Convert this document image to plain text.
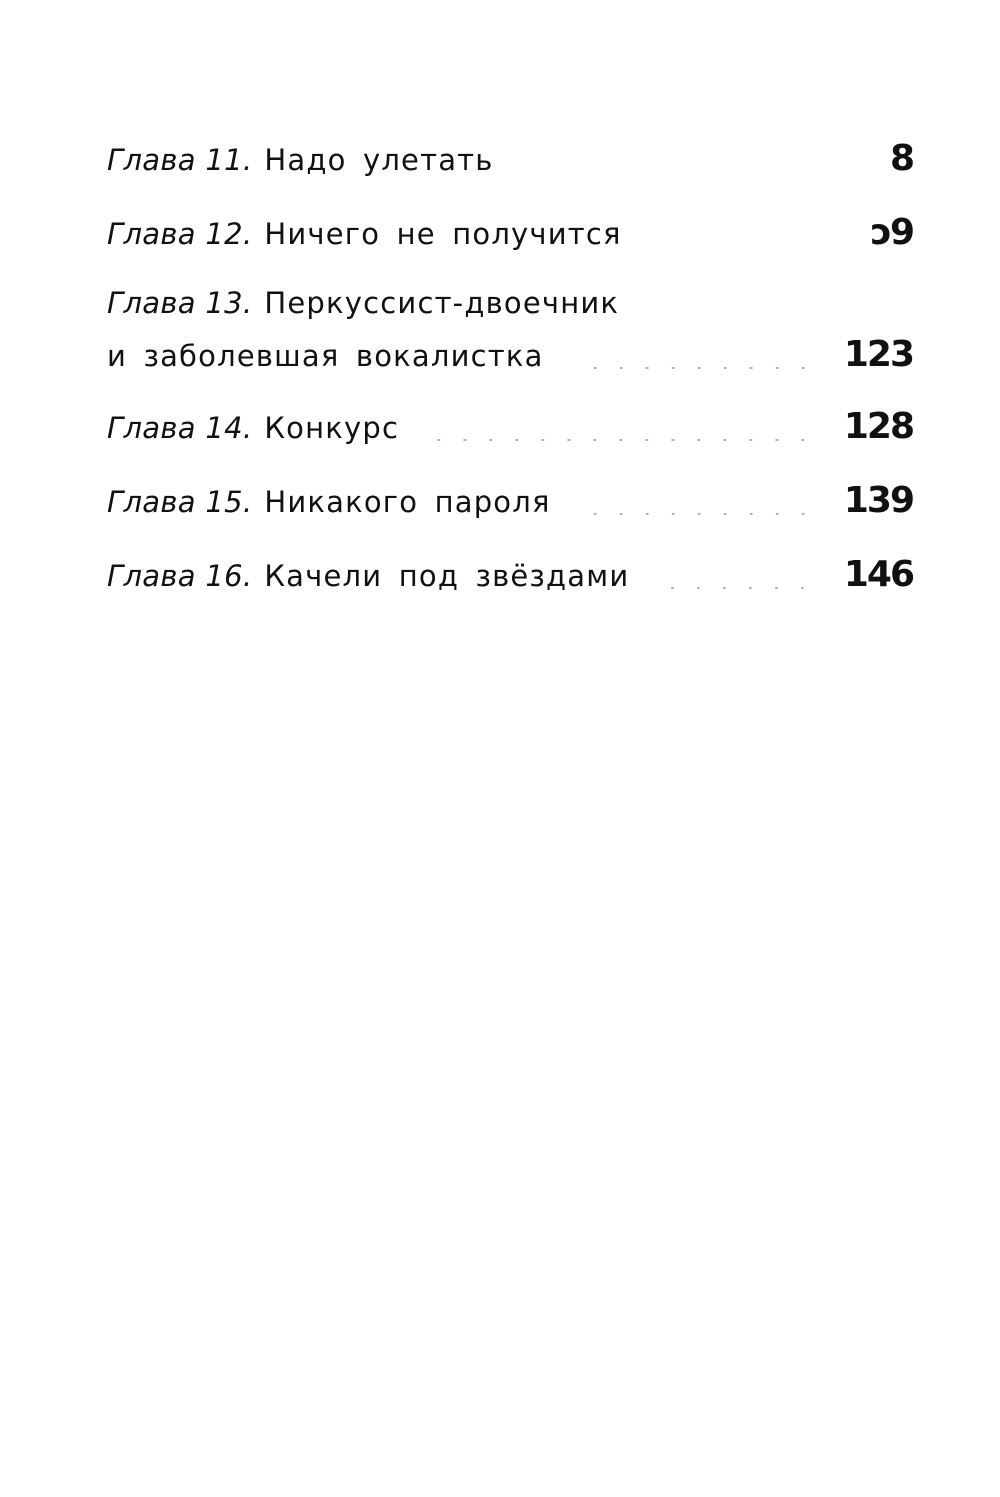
Глава 11. Надо улетать	8
Глава 12. Ничего не получится	ɔ9
Глава 13. Перкуссист-двоечник
и заболевшая вокалистка	123
Глава 14. Конкурс	128
Глава 15. Никакого пароля	139
Глава 16. Качели под звёздами	146
